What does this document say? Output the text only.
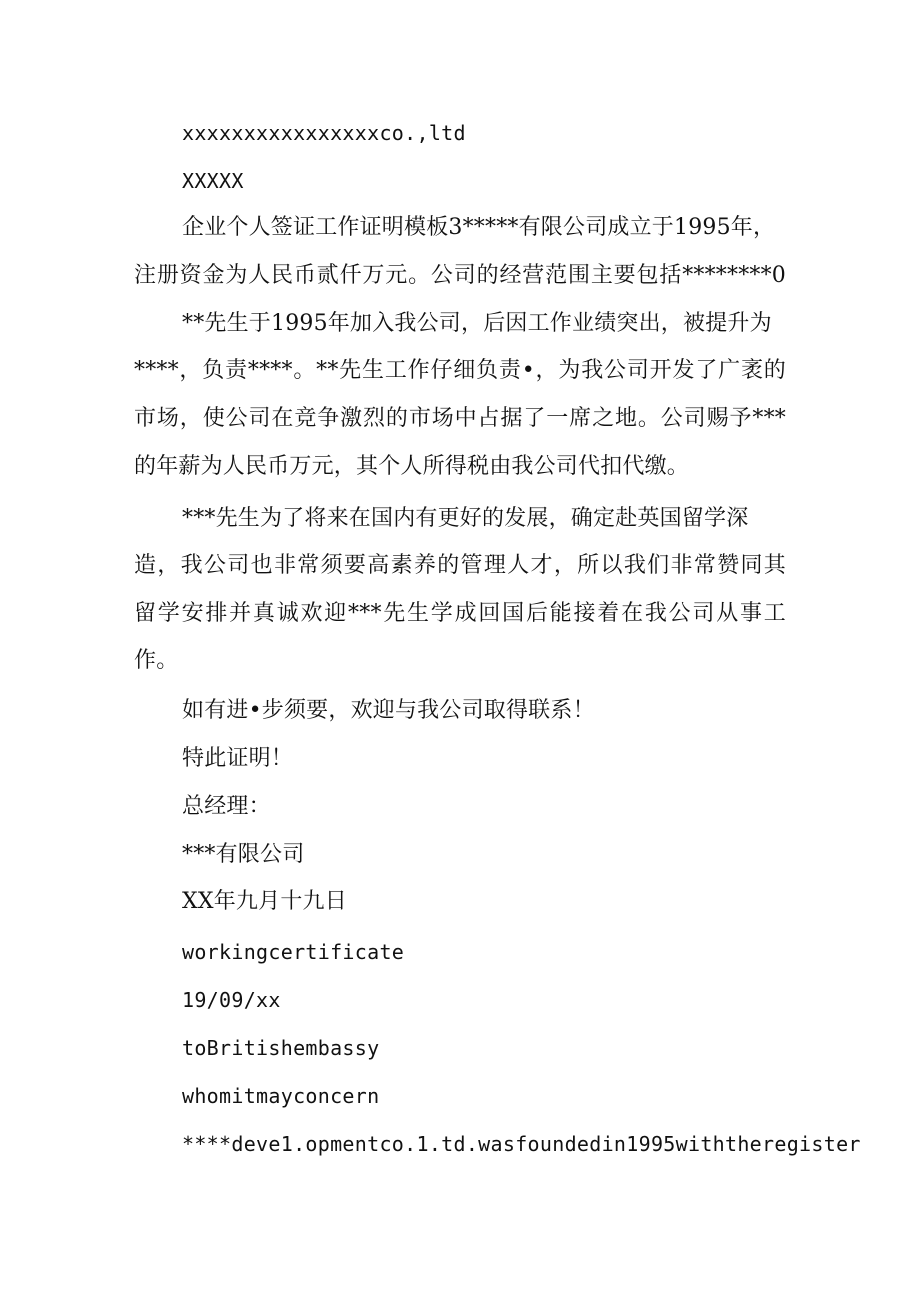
xxxxxxxxxxxxxxxxco.,ltd
XXXXX
企业个人签证工作证明模板3*****有限公司成立于1995年，
注册资金为人民币贰仟万元。公司的经营范围主要包括********0
**先生于1995年加入我公司，后因工作业绩突出，被提升为
****，负责****。**先生工作仔细负责•，为我公司开发了广袤的
市场，使公司在竞争激烈的市场中占据了一席之地。公司赐予***
的年薪为人民币万元，其个人所得税由我公司代扣代缴。
***先生为了将来在国内有更好的发展，确定赴英国留学深
造，我公司也非常须要高素养的管理人才，所以我们非常赞同其
留学安排并真诚欢迎***先生学成回国后能接着在我公司从事工
作。
如有进•步须要，欢迎与我公司取得联系！
特此证明！
总经理：
***有限公司
XX年九月十九日
workingcertificate
19/09/xx
toBritishembassy
whomitmayconcern
****deve1.opmentco.1.td.wasfoundedin1995withtheregister
